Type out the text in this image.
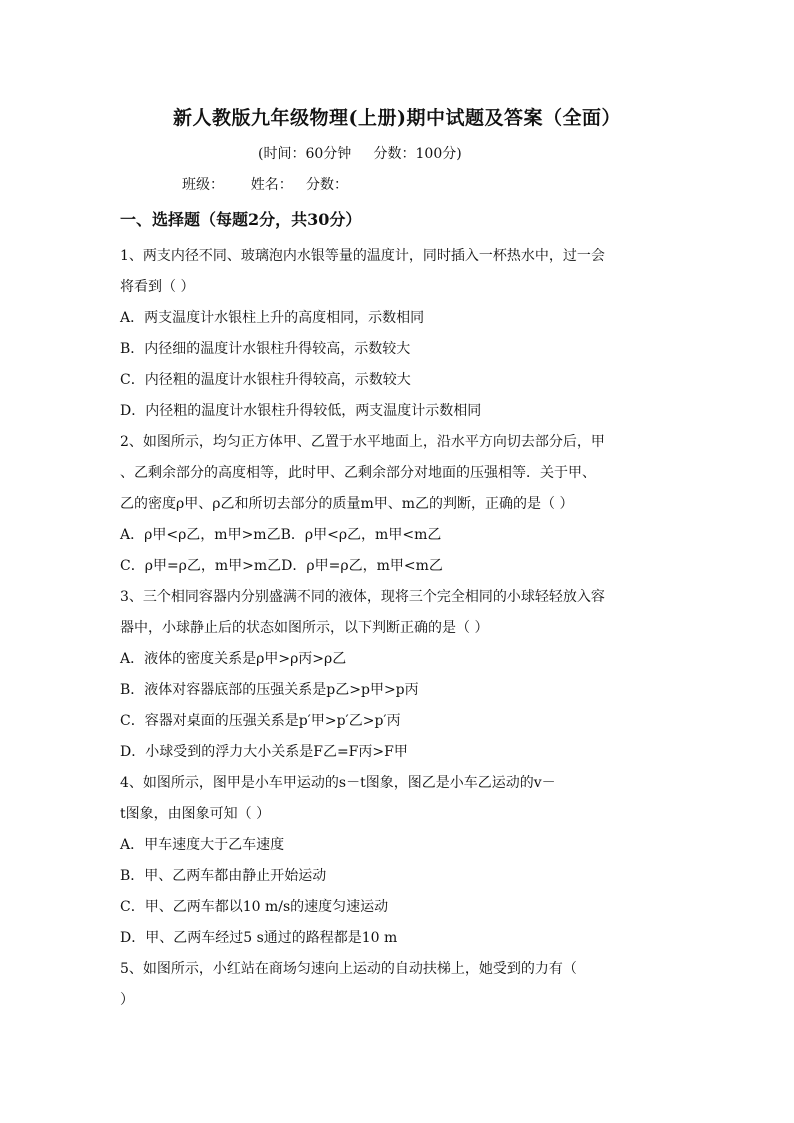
新人教版九年级物理(上册)期中试题及答案（全面）
(时间：60分钟     分数：100分)
班级：      姓名：   分数：
一、选择题（每题2分，共30分）
1、两支内径不同、玻璃泡内水银等量的温度计，同时插入一杯热水中，过一会
将看到（ ）
A．两支温度计水银柱上升的高度相同，示数相同
B．内径细的温度计水银柱升得较高，示数较大
C．内径粗的温度计水银柱升得较高，示数较大
D．内径粗的温度计水银柱升得较低，两支温度计示数相同
2、如图所示，均匀正方体甲、乙置于水平地面上，沿水平方向切去部分后，甲
、乙剩余部分的高度相等，此时甲、乙剩余部分对地面的压强相等．关于甲、
乙的密度ρ甲、ρ乙和所切去部分的质量m甲、m乙的判断，正确的是（ ）
A．ρ甲<ρ乙，m甲>m乙B．ρ甲<ρ乙，m甲<m乙
C．ρ甲=ρ乙，m甲>m乙D．ρ甲=ρ乙，m甲<m乙
3、三个相同容器内分别盛满不同的液体，现将三个完全相同的小球轻轻放入容
器中，小球静止后的状态如图所示，以下判断正确的是（ ）
A．液体的密度关系是ρ甲>ρ丙>ρ乙
B．液体对容器底部的压强关系是p乙>p甲>p丙
C．容器对桌面的压强关系是p′甲>p′乙>p′丙
D．小球受到的浮力大小关系是F乙=F丙>F甲
4、如图所示，图甲是小车甲运动的s－t图象，图乙是小车乙运动的v－
t图象，由图象可知（ ）
A．甲车速度大于乙车速度
B．甲、乙两车都由静止开始运动
C．甲、乙两车都以10 m/s的速度匀速运动
D．甲、乙两车经过5 s通过的路程都是10 m
5、如图所示，小红站在商场匀速向上运动的自动扶梯上，她受到的力有（
）
